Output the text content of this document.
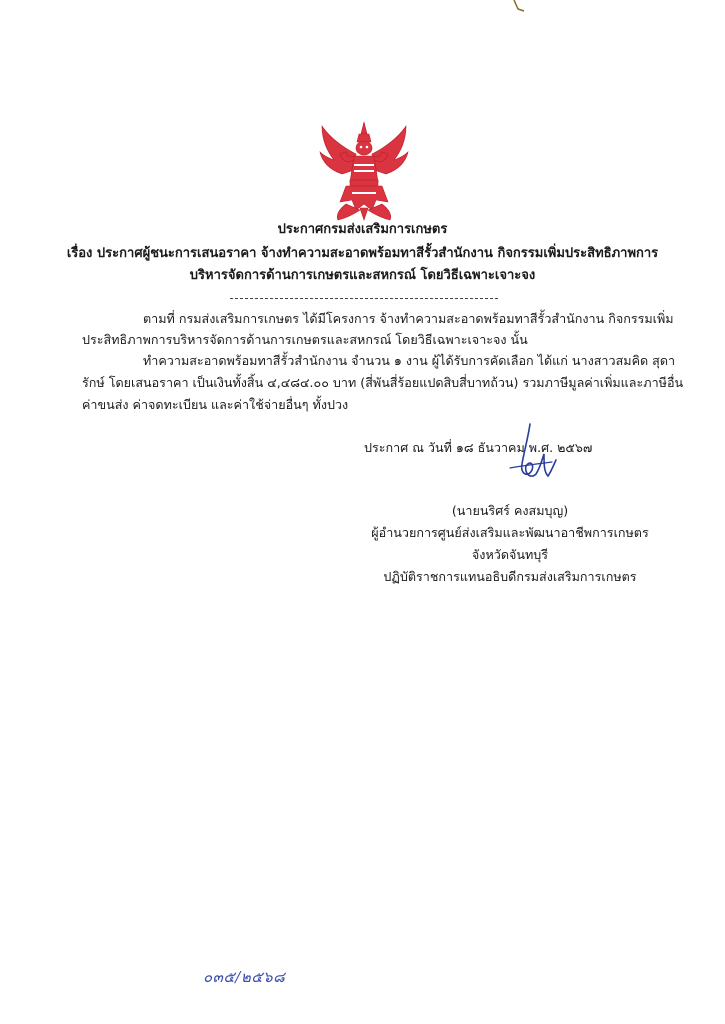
ประกาศกรมส่งเสริมการเกษตร
เรื่อง ประกาศผู้ชนะการเสนอราคา จ้างทำความสะอาดพร้อมทาสีรั้วสำนักงาน กิจกรรมเพิ่มประสิทธิภาพการ
บริหารจัดการด้านการเกษตรและสหกรณ์ โดยวิธีเฉพาะเจาะจง
ตามที่ กรมส่งเสริมการเกษตร ได้มีโครงการ จ้างทำความสะอาดพร้อมทาสีรั้วสำนักงาน กิจกรรมเพิ่ม
ประสิทธิภาพการบริหารจัดการด้านการเกษตรและสหกรณ์ โดยวิธีเฉพาะเจาะจง นั้น
ทำความสะอาดพร้อมทาสีรั้วสำนักงาน จำนวน ๑ งาน ผู้ได้รับการคัดเลือก ได้แก่ นางสาวสมคิด สุดา
รักษ์ โดยเสนอราคา เป็นเงินทั้งสิ้น ๔,๔๘๔.๐๐ บาท (สี่พันสี่ร้อยแปดสิบสี่บาทถ้วน) รวมภาษีมูลค่าเพิ่มและภาษีอื่น
ค่าขนส่ง ค่าจดทะเบียน และค่าใช้จ่ายอื่นๆ ทั้งปวง
ประกาศ ณ วันที่ ๑๘ ธันวาคม พ.ศ. ๒๕๖๗
(นายนริศร์ คงสมบุญ)
ผู้อำนวยการศูนย์ส่งเสริมและพัฒนาอาชีพการเกษตร
จังหวัดจันทบุรี
ปฏิบัติราชการแทนอธิบดีกรมส่งเสริมการเกษตร
๐๓๕/๒๕๖๘
